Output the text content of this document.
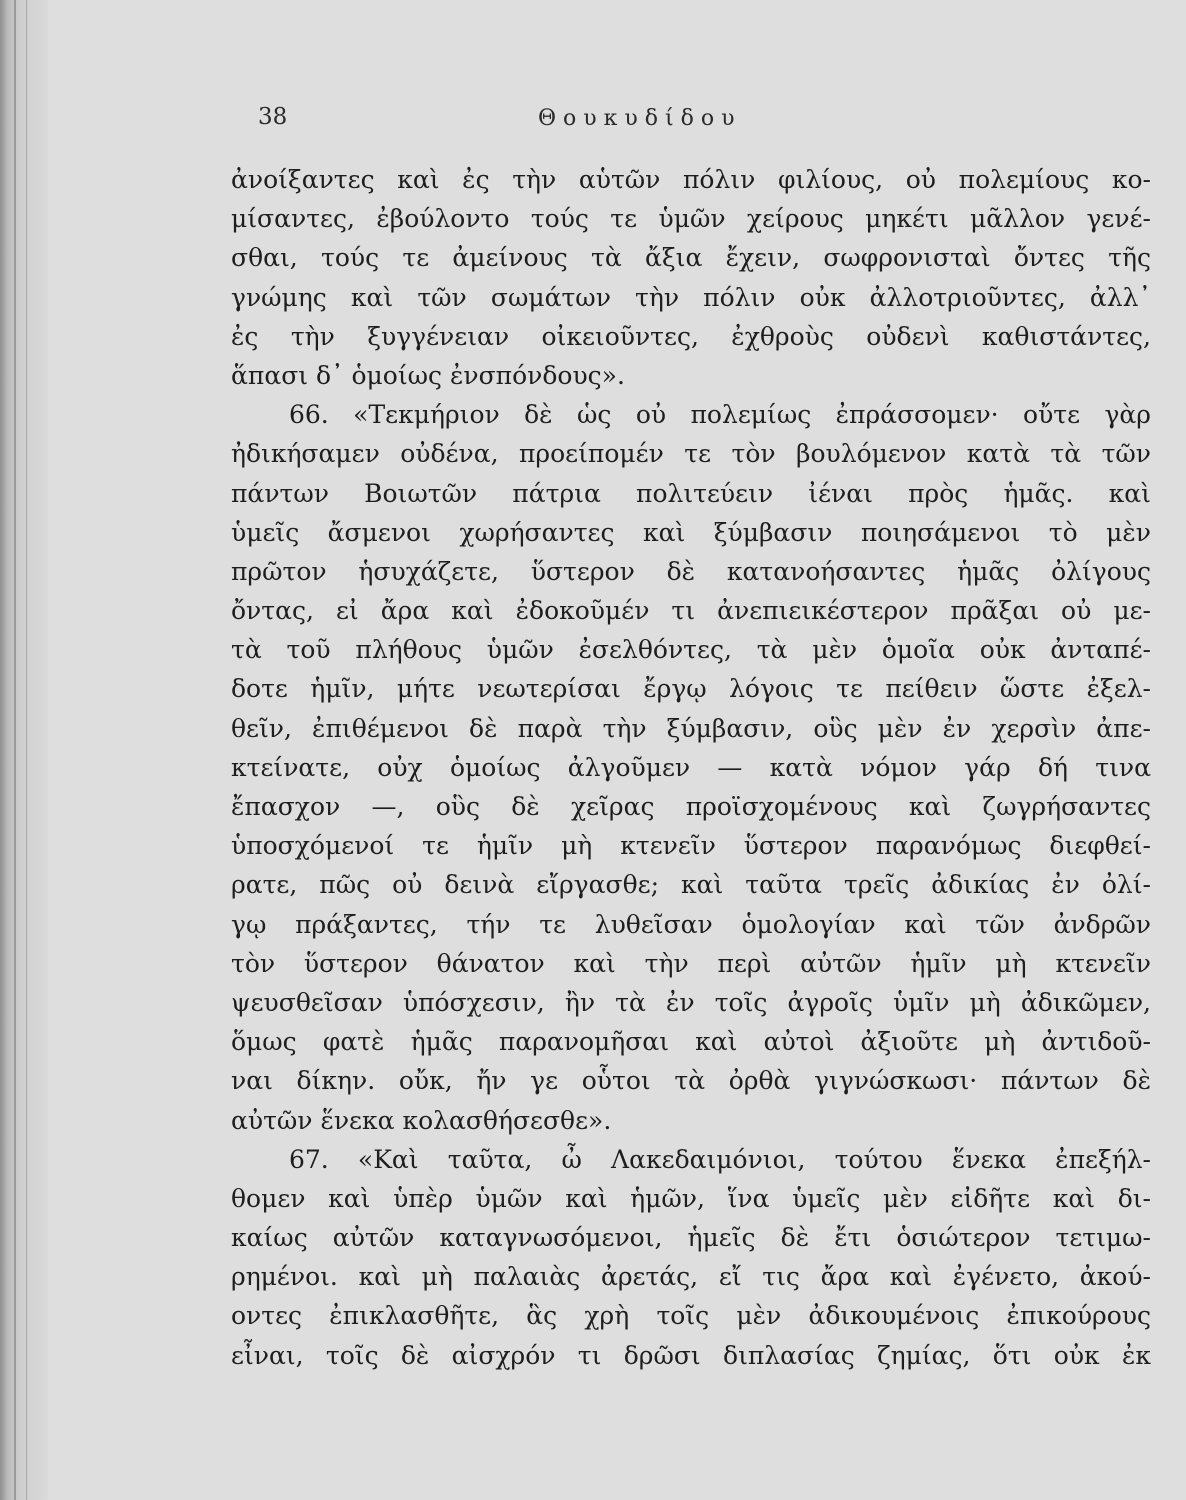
38	Θουκυδίδου
ἀνοίξαντες καὶ ἐς τὴν αὑτῶν πόλιν φιλίους, οὐ πολεμίους κο-
μίσαντες, ἐβούλοντο τούς τε ὑμῶν χείρους μηκέτι μᾶλλον γενέ-
σθαι, τούς τε ἀμείνους τὰ ἄξια ἔχειν, σωφρονισταὶ ὄντες τῆς
γνώμης καὶ τῶν σωμάτων τὴν πόλιν οὐκ ἀλλοτριοῦντες, ἀλλ᾽
ἐς τὴν ξυγγένειαν οἰκειοῦντες, ἐχθροὺς οὐδενὶ καθιστάντες,
ἅπασι δ᾽ ὁμοίως ἐνσπόνδους».
66. «Τεκμήριον δὲ ὡς οὐ πολεμίως ἐπράσσομεν· οὔτε γὰρ
ἠδικήσαμεν οὐδένα, προείπομέν τε τὸν βουλόμενον κατὰ τὰ τῶν
πάντων Βοιωτῶν πάτρια πολιτεύειν ἰέναι πρὸς ἡμᾶς. καὶ
ὑμεῖς ἄσμενοι χωρήσαντες καὶ ξύμβασιν ποιησάμενοι τὸ μὲν
πρῶτον ἡσυχάζετε, ὕστερον δὲ κατανοήσαντες ἡμᾶς ὀλίγους
ὄντας, εἰ ἄρα καὶ ἐδοκοῦμέν τι ἀνεπιεικέστερον πρᾶξαι οὐ με-
τὰ τοῦ πλήθους ὑμῶν ἐσελθόντες, τὰ μὲν ὁμοῖα οὐκ ἀνταπέ-
δοτε ἡμῖν, μήτε νεωτερίσαι ἔργῳ λόγοις τε πείθειν ὥστε ἐξελ-
θεῖν, ἐπιθέμενοι δὲ παρὰ τὴν ξύμβασιν, οὓς μὲν ἐν χερσὶν ἀπε-
κτείνατε, οὐχ ὁμοίως ἀλγοῦμεν — κατὰ νόμον γάρ δή τινα
ἔπασχον —, οὓς δὲ χεῖρας προϊσχομένους καὶ ζωγρήσαντες
ὑποσχόμενοί τε ἡμῖν μὴ κτενεῖν ὕστερον παρανόμως διεφθεί-
ρατε, πῶς οὐ δεινὰ εἴργασθε; καὶ ταῦτα τρεῖς ἀδικίας ἐν ὀλί-
γῳ πράξαντες, τήν τε λυθεῖσαν ὁμολογίαν καὶ τῶν ἀνδρῶν
τὸν ὕστερον θάνατον καὶ τὴν περὶ αὐτῶν ἡμῖν μὴ κτενεῖν
ψευσθεῖσαν ὑπόσχεσιν, ἢν τὰ ἐν τοῖς ἀγροῖς ὑμῖν μὴ ἀδικῶμεν,
ὅμως φατὲ ἡμᾶς παρανομῆσαι καὶ αὐτοὶ ἀξιοῦτε μὴ ἀντιδοῦ-
ναι δίκην. οὔκ, ἤν γε οὗτοι τὰ ὀρθὰ γιγνώσκωσι· πάντων δὲ
αὐτῶν ἕνεκα κολασθήσεσθε».
67. «Καὶ ταῦτα, ὦ Λακεδαιμόνιοι, τούτου ἕνεκα ἐπεξήλ-
θομεν καὶ ὑπὲρ ὑμῶν καὶ ἡμῶν, ἵνα ὑμεῖς μὲν εἰδῆτε καὶ δι-
καίως αὐτῶν καταγνωσόμενοι, ἡμεῖς δὲ ἔτι ὁσιώτερον τετιμω-
ρημένοι. καὶ μὴ παλαιὰς ἀρετάς, εἴ τις ἄρα καὶ ἐγένετο, ἀκού-
οντες ἐπικλασθῆτε, ἃς χρὴ τοῖς μὲν ἀδικουμένοις ἐπικούρους
εἶναι, τοῖς δὲ αἰσχρόν τι δρῶσι διπλασίας ζημίας, ὅτι οὐκ ἐκ
